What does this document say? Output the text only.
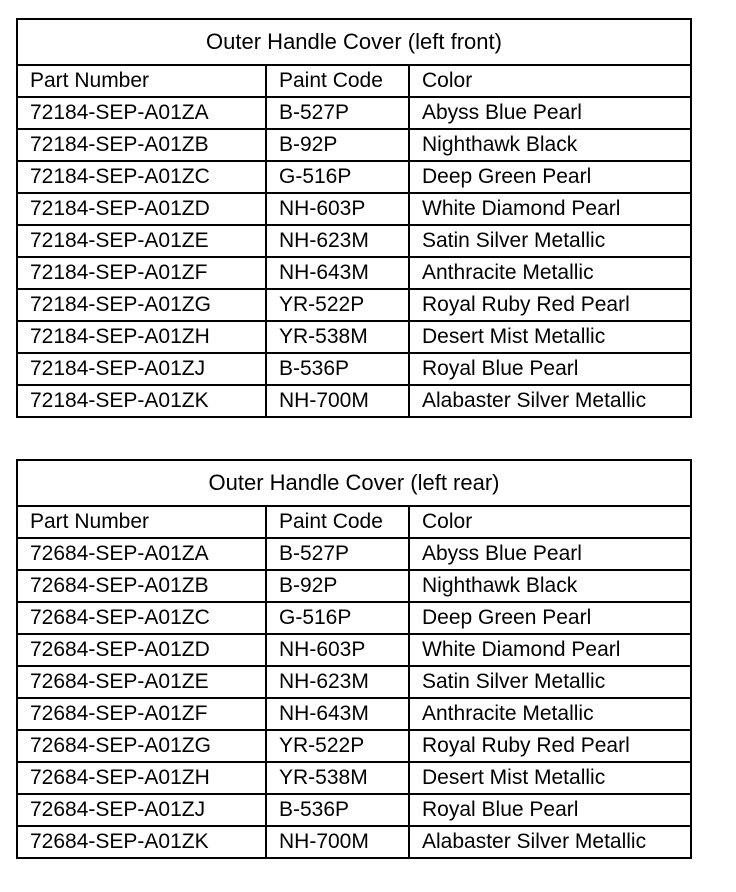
Outer Handle Cover (left front)		
Part Number	Paint Code	Color
72184-SEP-A01ZA	B-527P	Abyss Blue Pearl
72184-SEP-A01ZB	B-92P	Nighthawk Black
72184-SEP-A01ZC	G-516P	Deep Green Pearl
72184-SEP-A01ZD	NH-603P	White Diamond Pearl
72184-SEP-A01ZE	NH-623M	Satin Silver Metallic
72184-SEP-A01ZF	NH-643M	Anthracite Metallic
72184-SEP-A01ZG	YR-522P	Royal Ruby Red Pearl
72184-SEP-A01ZH	YR-538M	Desert Mist Metallic
72184-SEP-A01ZJ	B-536P	Royal Blue Pearl
72184-SEP-A01ZK	NH-700M	Alabaster Silver Metallic
Outer Handle Cover (left rear)		
Part Number	Paint Code	Color
72684-SEP-A01ZA	B-527P	Abyss Blue Pearl
72684-SEP-A01ZB	B-92P	Nighthawk Black
72684-SEP-A01ZC	G-516P	Deep Green Pearl
72684-SEP-A01ZD	NH-603P	White Diamond Pearl
72684-SEP-A01ZE	NH-623M	Satin Silver Metallic
72684-SEP-A01ZF	NH-643M	Anthracite Metallic
72684-SEP-A01ZG	YR-522P	Royal Ruby Red Pearl
72684-SEP-A01ZH	YR-538M	Desert Mist Metallic
72684-SEP-A01ZJ	B-536P	Royal Blue Pearl
72684-SEP-A01ZK	NH-700M	Alabaster Silver Metallic
